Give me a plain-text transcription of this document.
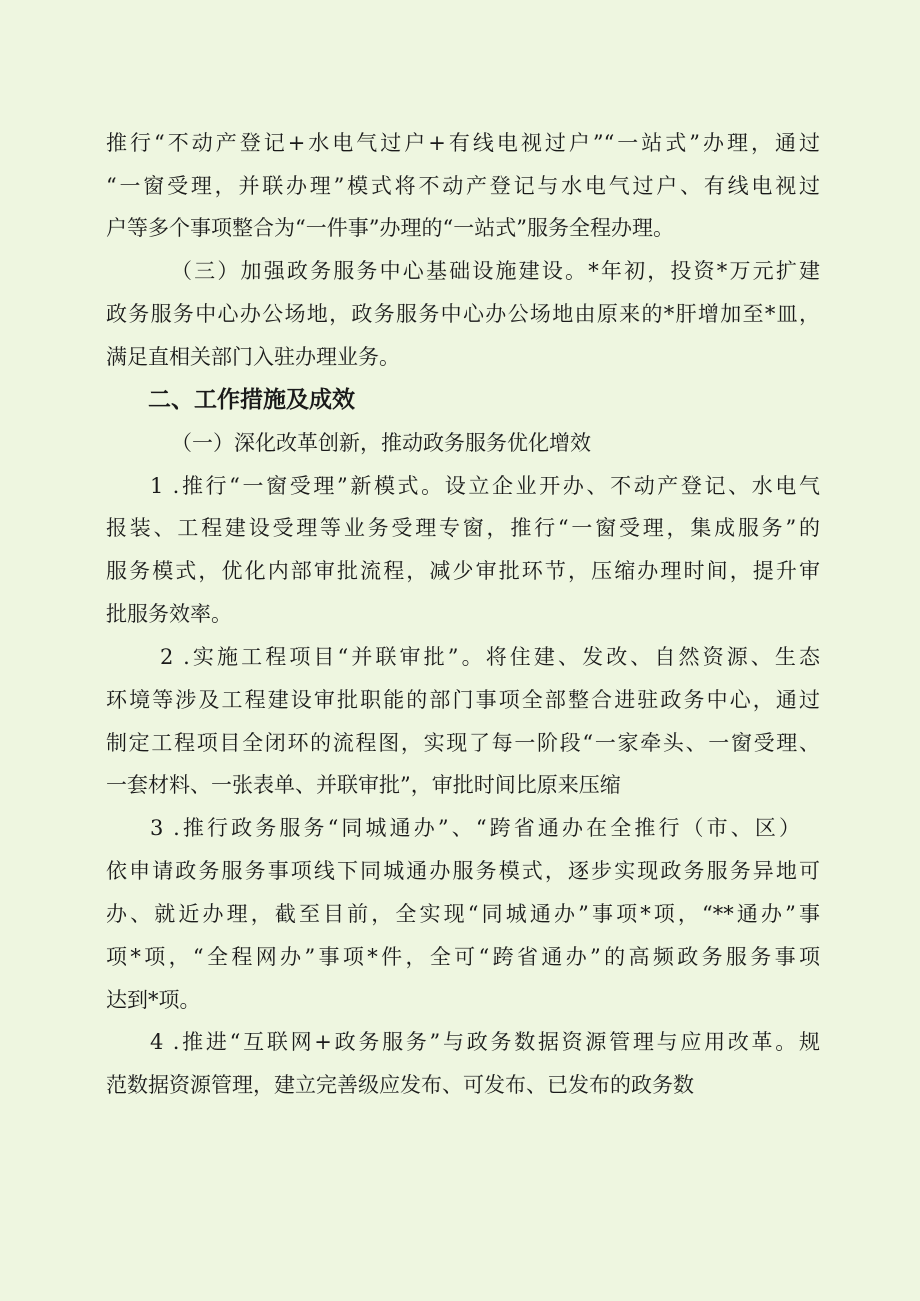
推行“不动产登记+水电气过户+有线电视过户”“一站式”办理，通过
“一窗受理，并联办理”模式将不动产登记与水电气过户、有线电视过
户等多个事项整合为“一件事”办理的“一站式”服务全程办理。
（三）加强政务服务中心基础设施建设。*年初，投资*万元扩建
政务服务中心办公场地，政务服务中心办公场地由原来的*肝增加至*皿，
满足直相关部门入驻办理业务。
二、工作措施及成效
（一）深化改革创新，推动政务服务优化增效
1 .推行“一窗受理”新模式。设立企业开办、不动产登记、水电气
报装、工程建设受理等业务受理专窗，推行“一窗受理，集成服务”的
服务模式，优化内部审批流程，减少审批环节，压缩办理时间，提升审
批服务效率。
2 .实施工程项目“并联审批”。将住建、发改、自然资源、生态
环境等涉及工程建设审批职能的部门事项全部整合进驻政务中心，通过
制定工程项目全闭环的流程图，实现了每一阶段“一家牵头、一窗受理、
一套材料、一张表单、并联审批”，审批时间比原来压缩
3 .推行政务服务“同城通办”、“跨省通办在全推行（市、区）
依申请政务服务事项线下同城通办服务模式，逐步实现政务服务异地可
办、就近办理，截至目前，全实现“同城通办”事项*项，“**通办”事
项*项，“全程网办”事项*件，全可“跨省通办”的高频政务服务事项
达到*项。
4 .推进“互联网+政务服务”与政务数据资源管理与应用改革。规
范数据资源管理，建立完善级应发布、可发布、已发布的政务数
